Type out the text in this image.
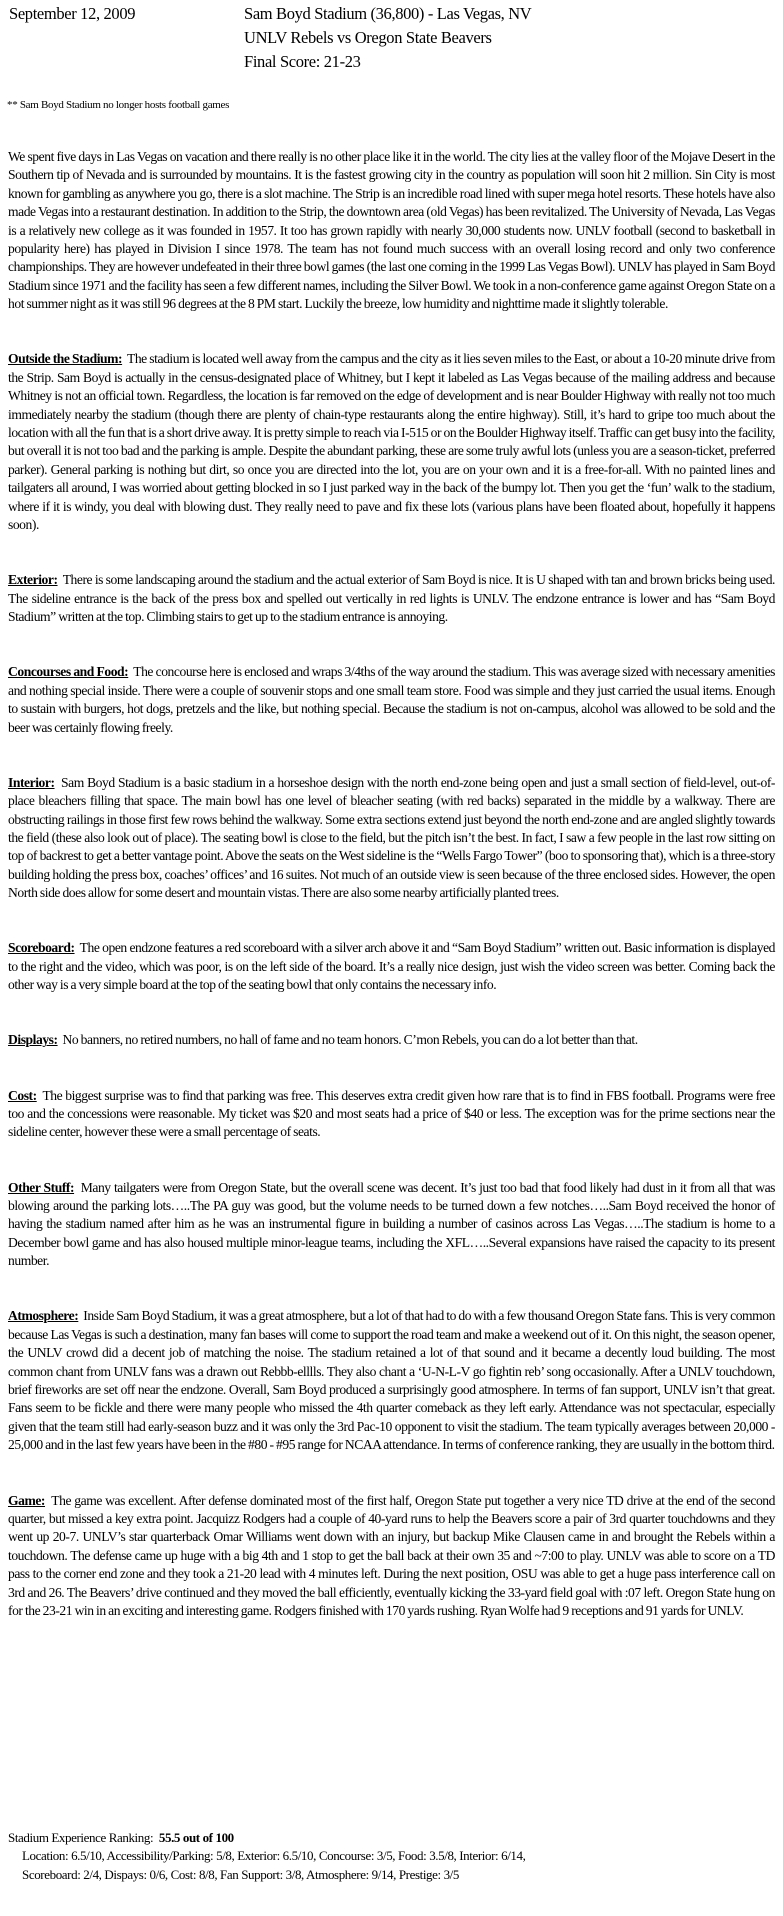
September 12, 2009	Sam Boyd Stadium (36,800) - Las Vegas, NV
UNLV Rebels vs Oregon State Beavers
Final Score: 21-23
** Sam Boyd Stadium no longer hosts football games

We spent five days in Las Vegas on vacation and there really is no other place like it in the world. The city lies at the valley floor of the Mojave Desert in the Southern tip of Nevada and is surrounded by mountains. It is the fastest growing city in the country as population will soon hit 2 million. Sin City is most known for gambling as anywhere you go, there is a slot machine. The Strip is an incredible road lined with super mega hotel resorts. These hotels have also made Vegas into a restaurant destination. In addition to the Strip, the downtown area (old Vegas) has been revitalized. The University of Nevada, Las Vegas is a relatively new college as it was founded in 1957. It too has grown rapidly with nearly 30,000 students now. UNLV football (second to basketball in popularity here) has played in Division I since 1978. The team has not found much success with an overall losing record and only two conference championships. They are however undefeated in their three bowl games (the last one coming in the 1999 Las Vegas Bowl). UNLV has played in Sam Boyd Stadium since 1971 and the facility has seen a few different names, including the Silver Bowl. We took in a non-conference game against Oregon State on a hot summer night as it was still 96 degrees at the 8 PM start. Luckily the breeze, low humidity and nighttime made it slightly tolerable.

Outside the Stadium: The stadium is located well away from the campus and the city as it lies seven miles to the East, or about a 10-20 minute drive from the Strip. Sam Boyd is actually in the census-designated place of Whitney, but I kept it labeled as Las Vegas because of the mailing address and because Whitney is not an official town. Regardless, the location is far removed on the edge of development and is near Boulder Highway with really not too much immediately nearby the stadium (though there are plenty of chain-type restaurants along the entire highway). Still, it’s hard to gripe too much about the location with all the fun that is a short drive away. It is pretty simple to reach via I-515 or on the Boulder Highway itself. Traffic can get busy into the facility, but overall it is not too bad and the parking is ample. Despite the abundant parking, these are some truly awful lots (unless you are a season-ticket, preferred parker). General parking is nothing but dirt, so once you are directed into the lot, you are on your own and it is a free-for-all. With no painted lines and tailgaters all around, I was worried about getting blocked in so I just parked way in the back of the bumpy lot. Then you get the ‘fun’ walk to the stadium, where if it is windy, you deal with blowing dust. They really need to pave and fix these lots (various plans have been floated about, hopefully it happens soon).

Exterior: There is some landscaping around the stadium and the actual exterior of Sam Boyd is nice. It is U shaped with tan and brown bricks being used. The sideline entrance is the back of the press box and spelled out vertically in red lights is UNLV. The endzone entrance is lower and has “Sam Boyd Stadium” written at the top. Climbing stairs to get up to the stadium entrance is annoying.

Concourses and Food: The concourse here is enclosed and wraps 3/4ths of the way around the stadium. This was average sized with necessary amenities and nothing special inside. There were a couple of souvenir stops and one small team store. Food was simple and they just carried the usual items. Enough to sustain with burgers, hot dogs, pretzels and the like, but nothing special. Because the stadium is not on-campus, alcohol was allowed to be sold and the beer was certainly flowing freely.

Interior: Sam Boyd Stadium is a basic stadium in a horseshoe design with the north end-zone being open and just a small section of field-level, out-of-place bleachers filling that space. The main bowl has one level of bleacher seating (with red backs) separated in the middle by a walkway. There are obstructing railings in those first few rows behind the walkway. Some extra sections extend just beyond the north end-zone and are angled slightly towards the field (these also look out of place). The seating bowl is close to the field, but the pitch isn’t the best. In fact, I saw a few people in the last row sitting on top of backrest to get a better vantage point. Above the seats on the West sideline is the “Wells Fargo Tower” (boo to sponsoring that), which is a three-story building holding the press box, coaches’ offices’ and 16 suites. Not much of an outside view is seen because of the three enclosed sides. However, the open North side does allow for some desert and mountain vistas. There are also some nearby artificially planted trees.

Scoreboard: The open endzone features a red scoreboard with a silver arch above it and “Sam Boyd Stadium” written out. Basic information is displayed to the right and the video, which was poor, is on the left side of the board. It’s a really nice design, just wish the video screen was better. Coming back the other way is a very simple board at the top of the seating bowl that only contains the necessary info.

Displays: No banners, no retired numbers, no hall of fame and no team honors. C’mon Rebels, you can do a lot better than that.

Cost: The biggest surprise was to find that parking was free. This deserves extra credit given how rare that is to find in FBS football. Programs were free too and the concessions were reasonable. My ticket was $20 and most seats had a price of $40 or less. The exception was for the prime sections near the sideline center, however these were a small percentage of seats.

Other Stuff: Many tailgaters were from Oregon State, but the overall scene was decent. It’s just too bad that food likely had dust in it from all that was blowing around the parking lots…..The PA guy was good, but the volume needs to be turned down a few notches…..Sam Boyd received the honor of having the stadium named after him as he was an instrumental figure in building a number of casinos across Las Vegas…..The stadium is home to a December bowl game and has also housed multiple minor-league teams, including the XFL…..Several expansions have raised the capacity to its present number.

Atmosphere: Inside Sam Boyd Stadium, it was a great atmosphere, but a lot of that had to do with a few thousand Oregon State fans. This is very common because Las Vegas is such a destination, many fan bases will come to support the road team and make a weekend out of it. On this night, the season opener, the UNLV crowd did a decent job of matching the noise. The stadium retained a lot of that sound and it became a decently loud building. The most common chant from UNLV fans was a drawn out Rebbb-elllls. They also chant a ‘U-N-L-V go fightin reb’ song occasionally. After a UNLV touchdown, brief fireworks are set off near the endzone. Overall, Sam Boyd produced a surprisingly good atmosphere. In terms of fan support, UNLV isn’t that great. Fans seem to be fickle and there were many people who missed the 4th quarter comeback as they left early. Attendance was not spectacular, especially given that the team still had early-season buzz and it was only the 3rd Pac-10 opponent to visit the stadium. The team typically averages between 20,000 - 25,000 and in the last few years have been in the #80 - #95 range for NCAA attendance. In terms of conference ranking, they are usually in the bottom third.

Game: The game was excellent. After defense dominated most of the first half, Oregon State put together a very nice TD drive at the end of the second quarter, but missed a key extra point. Jacquizz Rodgers had a couple of 40-yard runs to help the Beavers score a pair of 3rd quarter touchdowns and they went up 20-7. UNLV’s star quarterback Omar Williams went down with an injury, but backup Mike Clausen came in and brought the Rebels within a touchdown. The defense came up huge with a big 4th and 1 stop to get the ball back at their own 35 and ~7:00 to play. UNLV was able to score on a TD pass to the corner end zone and they took a 21-20 lead with 4 minutes left. During the next position, OSU was able to get a huge pass interference call on 3rd and 26. The Beavers’ drive continued and they moved the ball efficiently, eventually kicking the 33-yard field goal with :07 left. Oregon State hung on for the 23-21 win in an exciting and interesting game. Rodgers finished with 170 yards rushing. Ryan Wolfe had 9 receptions and 91 yards for UNLV.

Stadium Experience Ranking: 55.5 out of 100
Location: 6.5/10, Accessibility/Parking: 5/8, Exterior: 6.5/10, Concourse: 3/5, Food: 3.5/8, Interior: 6/14,
Scoreboard: 2/4, Dispays: 0/6, Cost: 8/8, Fan Support: 3/8, Atmosphere: 9/14, Prestige: 3/5
